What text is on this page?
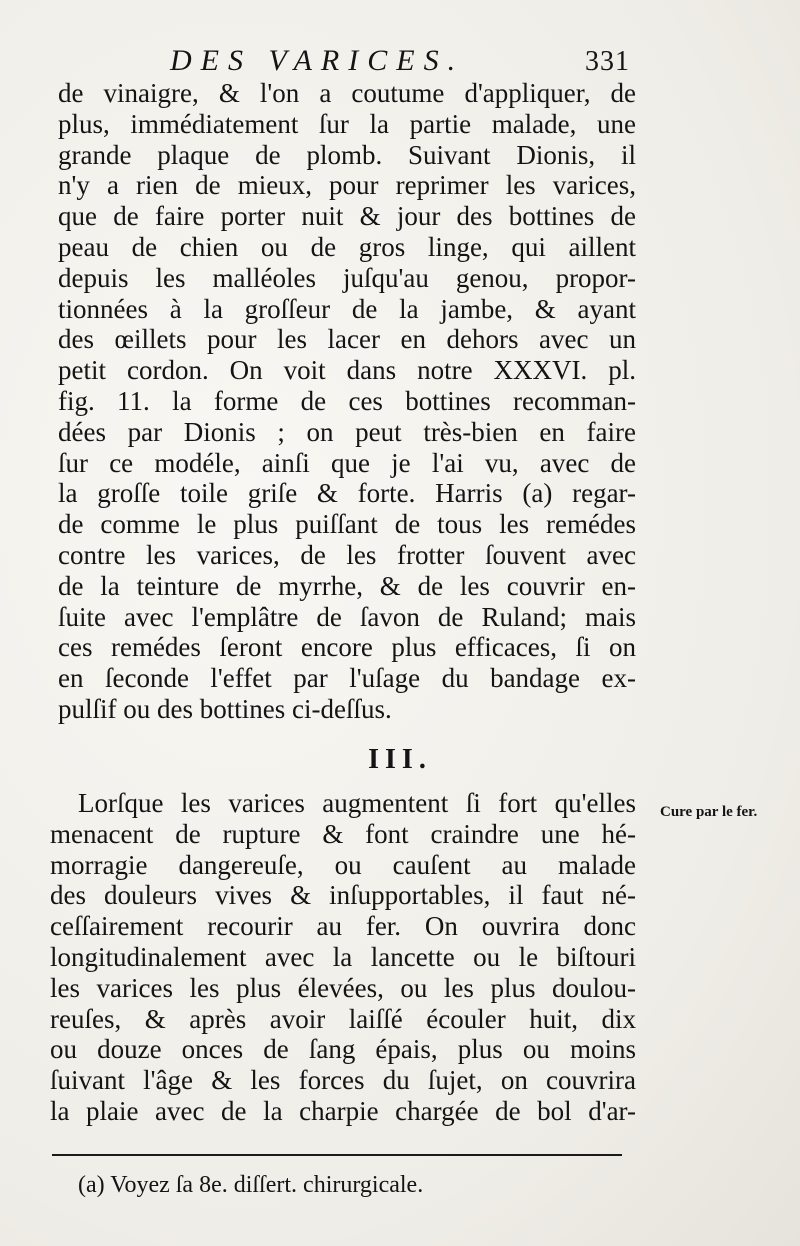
DES VARICES.	331
de vinaigre, & l'on a coutume d'appliquer, de
plus, immédiatement ſur la partie malade, une
grande plaque de plomb. Suivant Dionis, il
n'y a rien de mieux, pour reprimer les varices,
que de faire porter nuit & jour des bottines de
peau de chien ou de gros linge, qui aillent
depuis les malléoles juſqu'au genou, propor-
tionnées à la groſſeur de la jambe, & ayant
des œillets pour les lacer en dehors avec un
petit cordon. On voit dans notre XXXVI. pl.
fig. 11. la forme de ces bottines recomman-
dées par Dionis ; on peut très-bien en faire
ſur ce modéle, ainſi que je l'ai vu, avec de
la groſſe toile griſe & forte. Harris (a) regar-
de comme le plus puiſſant de tous les remédes
contre les varices, de les frotter ſouvent avec
de la teinture de myrrhe, & de les couvrir en-
ſuite avec l'emplâtre de ſavon de Ruland; mais
ces remédes ſeront encore plus efficaces, ſi on
en ſeconde l'effet par l'uſage du bandage ex-
pulſif ou des bottines ci-deſſus.
III.
Cure par le fer.
Lorſque les varices augmentent ſi fort qu'elles
menacent de rupture & font craindre une hé-
morragie dangereuſe, ou cauſent au malade
des douleurs vives & inſupportables, il faut né-
ceſſairement recourir au fer. On ouvrira donc
longitudinalement avec la lancette ou le biſtouri
les varices les plus élevées, ou les plus doulou-
reuſes, & après avoir laiſſé écouler huit, dix
ou douze onces de ſang épais, plus ou moins
ſuivant l'âge & les forces du ſujet, on couvrira
la plaie avec de la charpie chargée de bol d'ar-
(a) Voyez ſa 8e. diſſert. chirurgicale.
